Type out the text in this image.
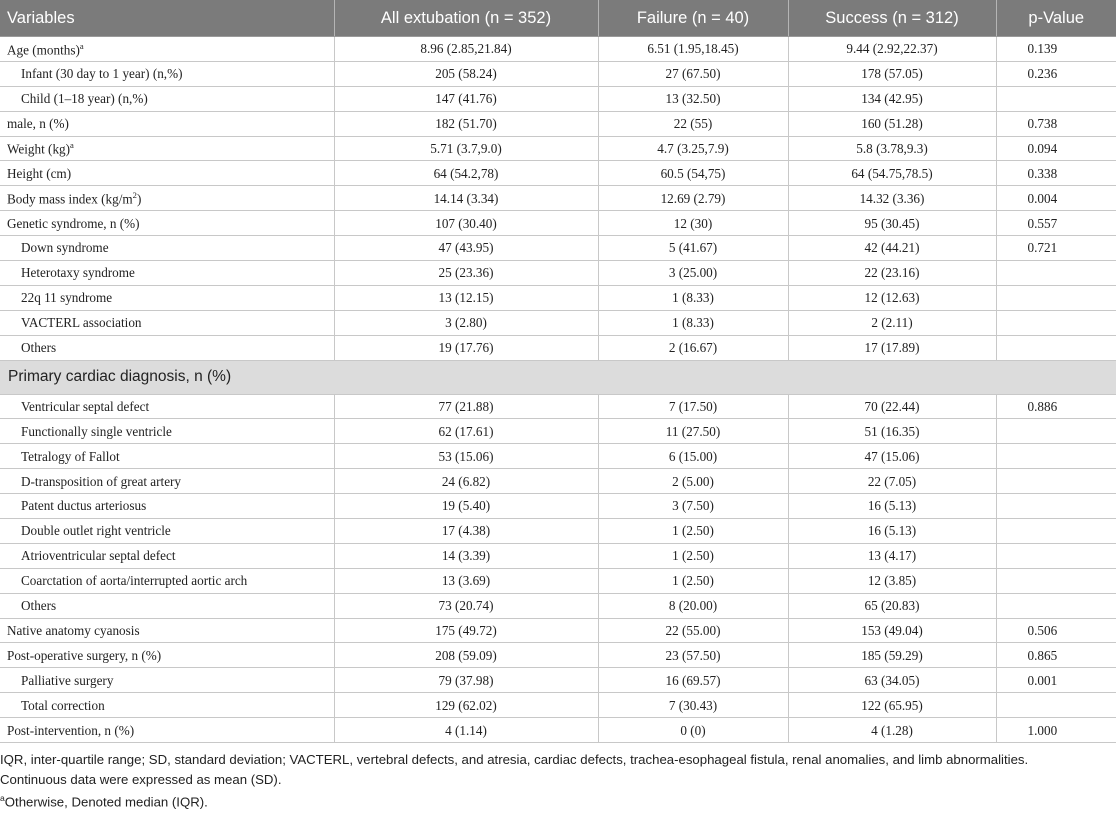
Variables	All extubation (n = 352)	Failure (n = 40)	Success (n = 312)	p-Value
Age (months)$^a$	8.96 (2.85,21.84)	6.51 (1.95,18.45)	9.44 (2.92,22.37)	0.139
Infant (30 day to 1 year) (n,%)	205 (58.24)	27 (67.50)	178 (57.05)	0.236
Child (1–18 year) (n,%)	147 (41.76)	13 (32.50)	134 (42.95)	
male, n (%)	182 (51.70)	22 (55)	160 (51.28)	0.738
Weight (kg)$^a$	5.71 (3.7,9.0)	4.7 (3.25,7.9)	5.8 (3.78,9.3)	0.094
Height (cm)	64 (54.2,78)	60.5 (54,75)	64 (54.75,78.5)	0.338
Body mass index $(kg/m^2)$	14.14 (3.34)	12.69 (2.79)	14.32 (3.36)	0.004
Genetic syndrome, n (%)	107 (30.40)	12 (30)	95 (30.45)	0.557
Down syndrome	47 (43.95)	5 (41.67)	42 (44.21)	0.721
Heterotaxy syndrome	25 (23.36)	3 (25.00)	22 (23.16)	
22q 11 syndrome	13 (12.15)	1 (8.33)	12 (12.63)	
VACTERL association	3 (2.80)	1 (8.33)	2 (2.11)	
Others	19 (17.76)	2 (16.67)	17 (17.89)	
Primary cardiac diagnosis, n (%)				
Ventricular septal defect	77 (21.88)	7 (17.50)	70 (22.44)	0.886
Functionally single ventricle	62 (17.61)	11 (27.50)	51 (16.35)	
Tetralogy of Fallot	53 (15.06)	6 (15.00)	47 (15.06)	
D-transposition of great artery	24 (6.82)	2 (5.00)	22 (7.05)	
Patent ductus arteriosus	19 (5.40)	3 (7.50)	16 (5.13)	
Double outlet right ventricle	17 (4.38)	1 (2.50)	16 (5.13)	
Atrioventricular septal defect	14 (3.39)	1 (2.50)	13 (4.17)	
Coarctation of aorta/interrupted aortic arch	13 (3.69)	1 (2.50)	12 (3.85)	
Others	73 (20.74)	8 (20.00)	65 (20.83)	
Native anatomy cyanosis	175 (49.72)	22 (55.00)	153 (49.04)	0.506
Post-operative surgery, n (%)	208 (59.09)	23 (57.50)	185 (59.29)	0.865
Palliative surgery	79 (37.98)	16 (69.57)	63 (34.05)	0.001
Total correction	129 (62.02)	7 (30.43)	122 (65.95)	
Post-intervention, n (%)	4 (1.14)	0 (0)	4 (1.28)	1.000
IQR, inter-quartile range; SD, standard deviation; VACTERL, vertebral defects, and atresia, cardiac defects, trachea-esophageal fistula, renal anomalies, and limb abnormalities.
Continuous data were expressed as mean (SD).
$^a$Otherwise, Denoted median (IQR).
